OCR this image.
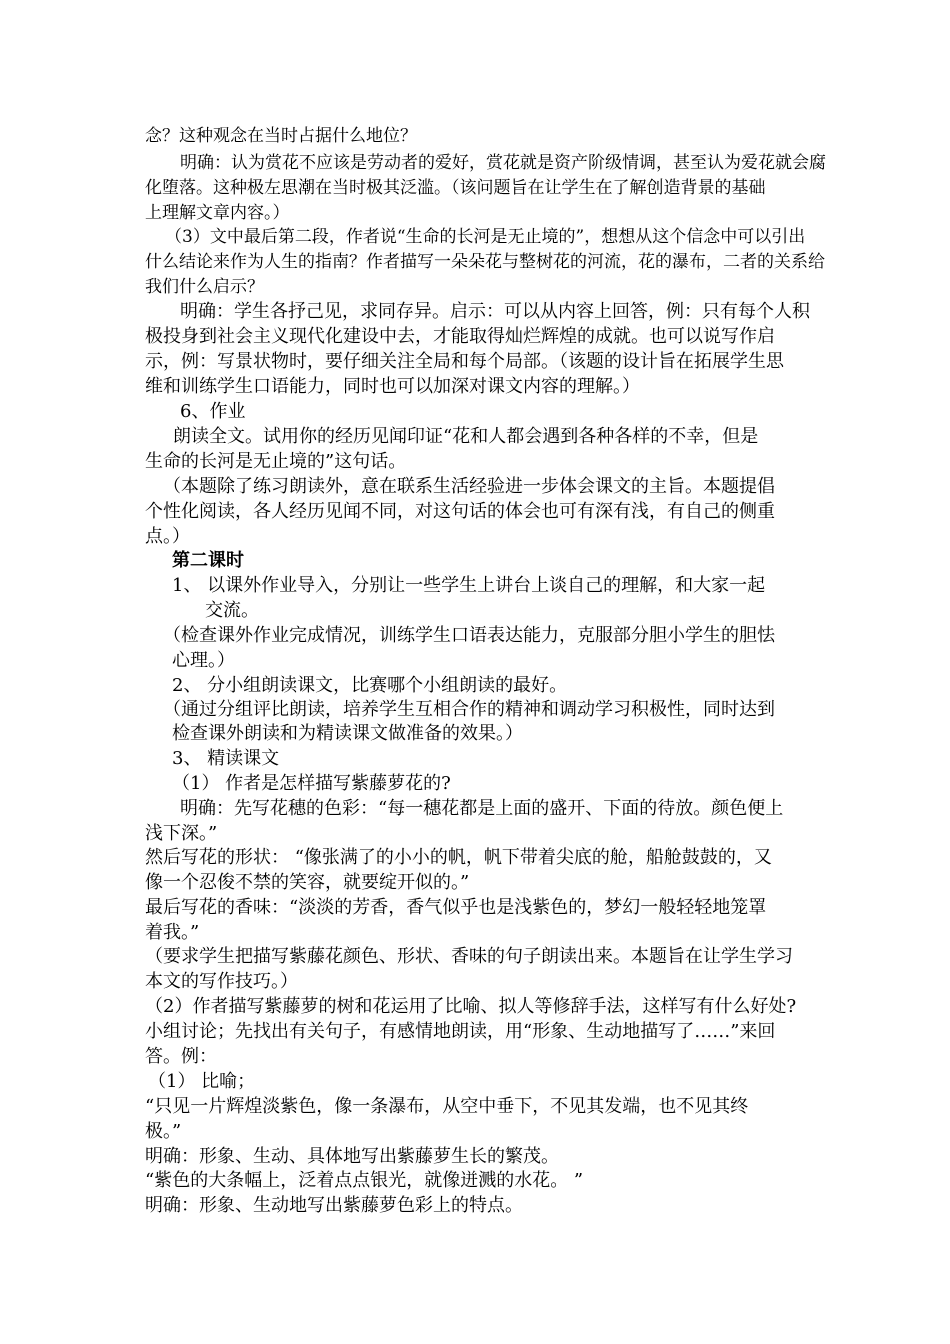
念？这种观念在当时占据什么地位？
明确：认为赏花不应该是劳动者的爱好，赏花就是资产阶级情调，甚至认为爱花就会腐
化堕落。这种极左思潮在当时极其泛滥。（该问题旨在让学生在了解创造背景的基础
上理解文章内容。）
（3）文中最后第二段，作者说“生命的长河是无止境的”，想想从这个信念中可以引出
什么结论来作为人生的指南？作者描写一朵朵花与整树花的河流，花的瀑布，二者的关系给
我们什么启示？
明确：学生各抒己见，求同存异。启示：可以从内容上回答，例：只有每个人积
极投身到社会主义现代化建设中去，才能取得灿烂辉煌的成就。也可以说写作启
示，例：写景状物时，要仔细关注全局和每个局部。（该题的设计旨在拓展学生思
维和训练学生口语能力，同时也可以加深对课文内容的理解。）
6、作业
朗读全文。试用你的经历见闻印证“花和人都会遇到各种各样的不幸，但是
生命的长河是无止境的”这句话。
（本题除了练习朗读外，意在联系生活经验进一步体会课文的主旨。本题提倡
个性化阅读，各人经历见闻不同，对这句话的体会也可有深有浅，有自己的侧重
点。）
第二课时
1、 以课外作业导入，分别让一些学生上讲台上谈自己的理解，和大家一起
交流。
（检查课外作业完成情况，训练学生口语表达能力，克服部分胆小学生的胆怯
心理。）
2、 分小组朗读课文，比赛哪个小组朗读的最好。
（通过分组评比朗读，培养学生互相合作的精神和调动学习积极性，同时达到
检查课外朗读和为精读课文做准备的效果。）
3、 精读课文
（1） 作者是怎样描写紫藤萝花的?
明确：先写花穗的色彩：“每一穗花都是上面的盛开、下面的待放。颜色便上
浅下深。”
然后写花的形状： “像张满了的小小的帆，帆下带着尖底的舱，船舱鼓鼓的，又
像一个忍俊不禁的笑容，就要绽开似的。”
最后写花的香味：“淡淡的芳香，香气似乎也是浅紫色的，梦幻一般轻轻地笼罩
着我。”
（要求学生把描写紫藤花颜色、形状、香味的句子朗读出来。本题旨在让学生学习
本文的写作技巧。）
（2）作者描写紫藤萝的树和花运用了比喻、拟人等修辞手法，这样写有什么好处?
小组讨论；先找出有关句子，有感情地朗读，用“形象、生动地描写了……”来回
答。例：
（1） 比喻；
“只见一片辉煌淡紫色，像一条瀑布，从空中垂下，不见其发端，也不见其终
极。”
明确：形象、生动、具体地写出紫藤萝生长的繁茂。
“紫色的大条幅上，泛着点点银光，就像迸溅的水花。 ”
明确：形象、生动地写出紫藤萝色彩上的特点。
